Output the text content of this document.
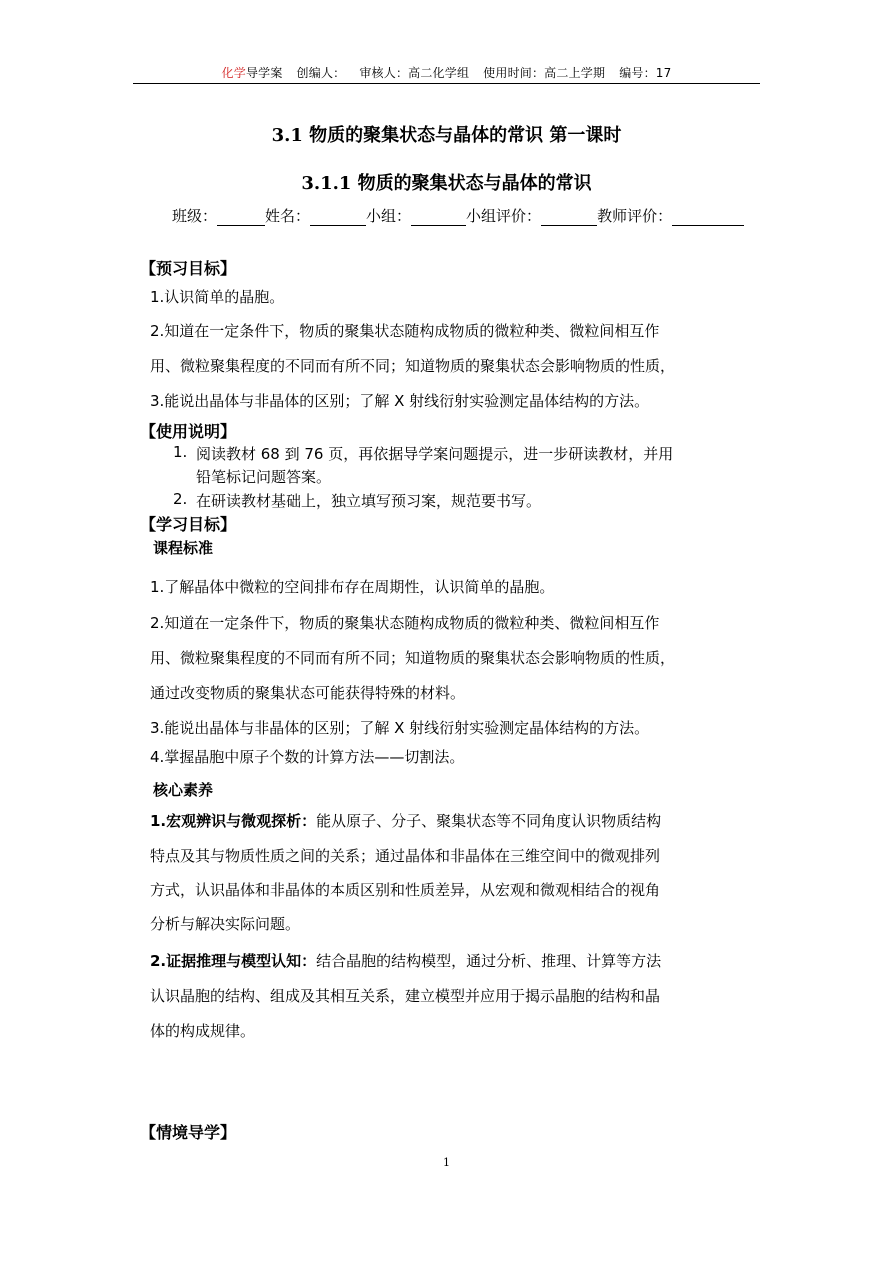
化学导学案 创编人： 审核人：高二化学组 使用时间：高二上学期 编号：17
3.1 物质的聚集状态与晶体的常识 第一课时
3.1.1 物质的聚集状态与晶体的常识
班级：	姓名：	小组：	小组评价：	教师评价：
【预习目标】
1.认识简单的晶胞。
2.知道在一定条件下，物质的聚集状态随构成物质的微粒种类、微粒间相互作
用、微粒聚集程度的不同而有所不同；知道物质的聚集状态会影响物质的性质，
3.能说出晶体与非晶体的区别；了解 X 射线衍射实验测定晶体结构的方法。
【使用说明】
1. 阅读教材 68 到 76 页，再依据导学案问题提示，进一步研读教材，并用
铅笔标记问题答案。
2. 在研读教材基础上，独立填写预习案，规范要书写。
【学习目标】
课程标准
1.了解晶体中微粒的空间排布存在周期性，认识简单的晶胞。
2.知道在一定条件下，物质的聚集状态随构成物质的微粒种类、微粒间相互作
用、微粒聚集程度的不同而有所不同；知道物质的聚集状态会影响物质的性质，
通过改变物质的聚集状态可能获得特殊的材料。
3.能说出晶体与非晶体的区别；了解 X 射线衍射实验测定晶体结构的方法。
4.掌握晶胞中原子个数的计算方法——切割法。
核心素养
1.宏观辨识与微观探析：能从原子、分子、聚集状态等不同角度认识物质结构
特点及其与物质性质之间的关系；通过晶体和非晶体在三维空间中的微观排列
方式，认识晶体和非晶体的本质区别和性质差异，从宏观和微观相结合的视角
分析与解决实际问题。
2.证据推理与模型认知：结合晶胞的结构模型，通过分析、推理、计算等方法
认识晶胞的结构、组成及其相互关系，建立模型并应用于揭示晶胞的结构和晶
体的构成规律。
【情境导学】
1
